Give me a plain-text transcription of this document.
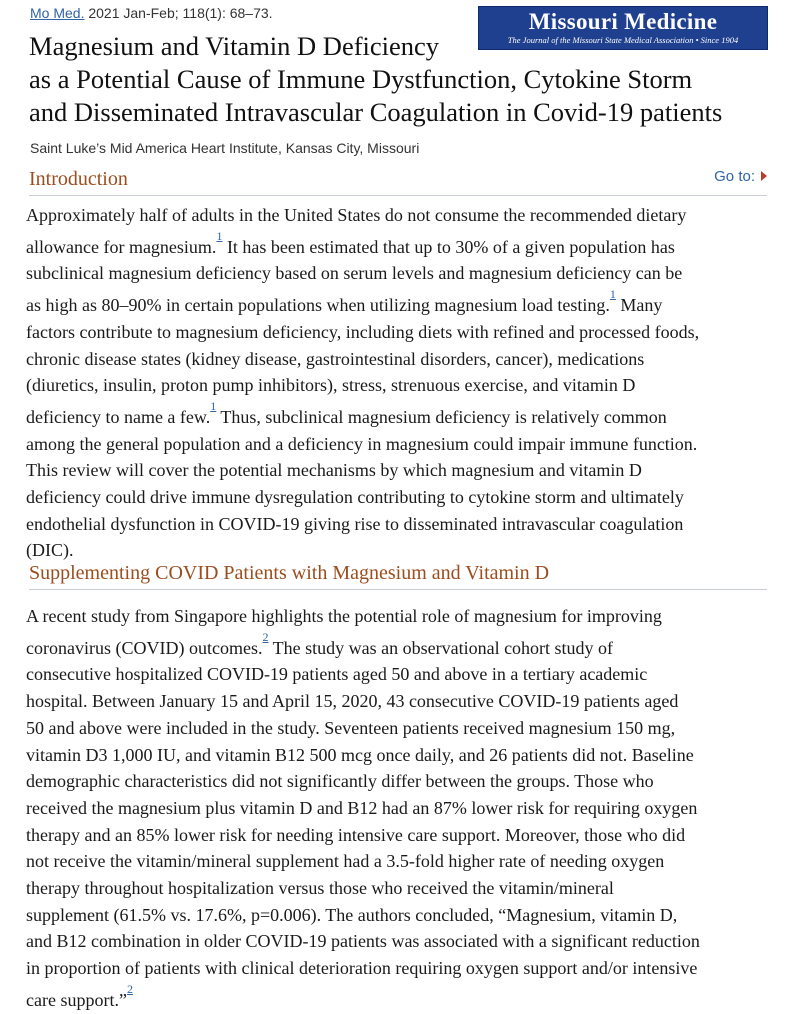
Mo Med. 2021 Jan-Feb; 118(1): 68–73.	Missouri Medicine
The Journal of the Missouri State Medical Association • Since 1904
Magnesium and Vitamin D Deficiency
as a Potential Cause of Immune Dystfunction, Cytokine Storm
and Disseminated Intravascular Coagulation in Covid-19 patients
Saint Luke’s Mid America Heart Institute, Kansas City, Missouri
Introduction	Go to:
Approximately half of adults in the United States do not consume the recommended dietary
allowance for magnesium.$^{^1}$ It has been estimated that up to 30% of a given population has
subclinical magnesium deficiency based on serum levels and magnesium deficiency can be
as high as 80–90% in certain populations when utilizing magnesium load testing.$^{^1}$ Many
factors contribute to magnesium deficiency, including diets with refined and processed foods,
chronic disease states (kidney disease, gastrointestinal disorders, cancer), medications
(diuretics, insulin, proton pump inhibitors), stress, strenuous exercise, and vitamin D
deficiency to name a few.$^{^1}$ Thus, subclinical magnesium deficiency is relatively common
among the general population and a deficiency in magnesium could impair immune function.
This review will cover the potential mechanisms by which magnesium and vitamin D
deficiency could drive immune dysregulation contributing to cytokine storm and ultimately
endothelial dysfunction in COVID-19 giving rise to disseminated intravascular coagulation
(DIC).
Supplementing COVID Patients with Magnesium and Vitamin D
A recent study from Singapore highlights the potential role of magnesium for improving
coronavirus (COVID) outcomes.$^{^2}$ The study was an observational cohort study of
consecutive hospitalized COVID-19 patients aged 50 and above in a tertiary academic
hospital. Between January 15 and April 15, 2020, 43 consecutive COVID-19 patients aged
50 and above were included in the study. Seventeen patients received magnesium 150 mg,
vitamin D3 1,000 IU, and vitamin B12 500 mcg once daily, and 26 patients did not. Baseline
demographic characteristics did not significantly differ between the groups. Those who
received the magnesium plus vitamin D and B12 had an 87% lower risk for requiring oxygen
therapy and an 85% lower risk for needing intensive care support. Moreover, those who did
not receive the vitamin/mineral supplement had a 3.5-fold higher rate of needing oxygen
therapy throughout hospitalization versus those who received the vitamin/mineral
supplement (61.5% vs. 17.6%, p=0.006). The authors concluded, “Magnesium, vitamin D,
and B12 combination in older COVID-19 patients was associated with a significant reduction
in proportion of patients with clinical deterioration requiring oxygen support and/or intensive
care support.”$^{^2}$
